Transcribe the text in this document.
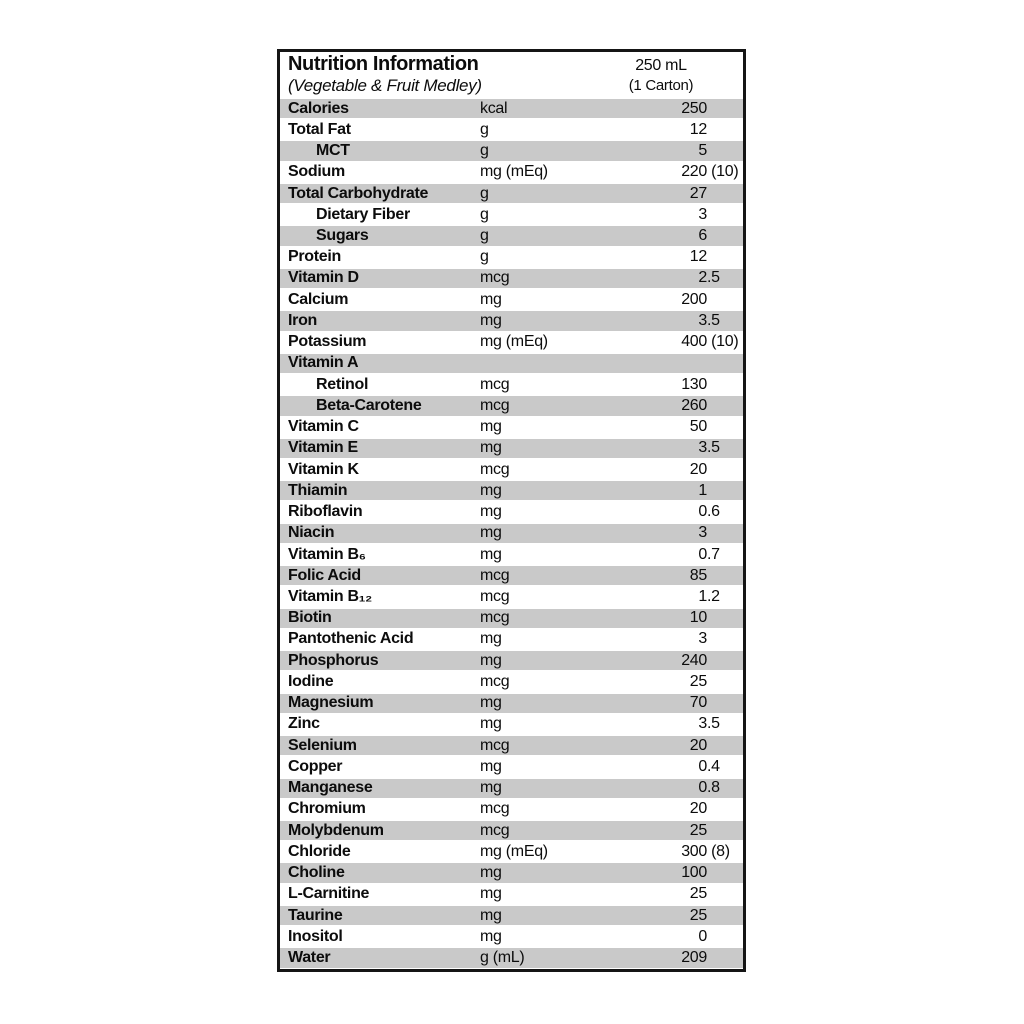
Nutrition Information
(Vegetable & Fruit Medley)
250 mL
(1 Carton)
Calories	kcal	250
Total Fat	g	12
MCT	g	5
Sodium	mg (mEq)	220 (10)
Total Carbohydrate	g	27
Dietary Fiber	g	3
Sugars	g	6
Protein	g	12
Vitamin D	mcg	2 .5
Calcium	mg	200
Iron	mg	3 .5
Potassium	mg (mEq)	400 (10)
Vitamin A
Retinol	mcg	130
Beta-Carotene	mcg	260
Vitamin C	mg	50
Vitamin E	mg	3 .5
Vitamin K	mcg	20
Thiamin	mg	1
Riboflavin	mg	0 .6
Niacin	mg	3
Vitamin B₆	mg	0 .7
Folic Acid	mcg	85
Vitamin B₁₂	mcg	1 .2
Biotin	mcg	10
Pantothenic Acid	mg	3
Phosphorus	mg	240
Iodine	mcg	25
Magnesium	mg	70
Zinc	mg	3 .5
Selenium	mcg	20
Copper	mg	0 .4
Manganese	mg	0 .8
Chromium	mcg	20
Molybdenum	mcg	25
Chloride	mg (mEq)	300 (8)
Choline	mg	100
L-Carnitine	mg	25
Taurine	mg	25
Inositol	mg	0
Water	g (mL)	209
